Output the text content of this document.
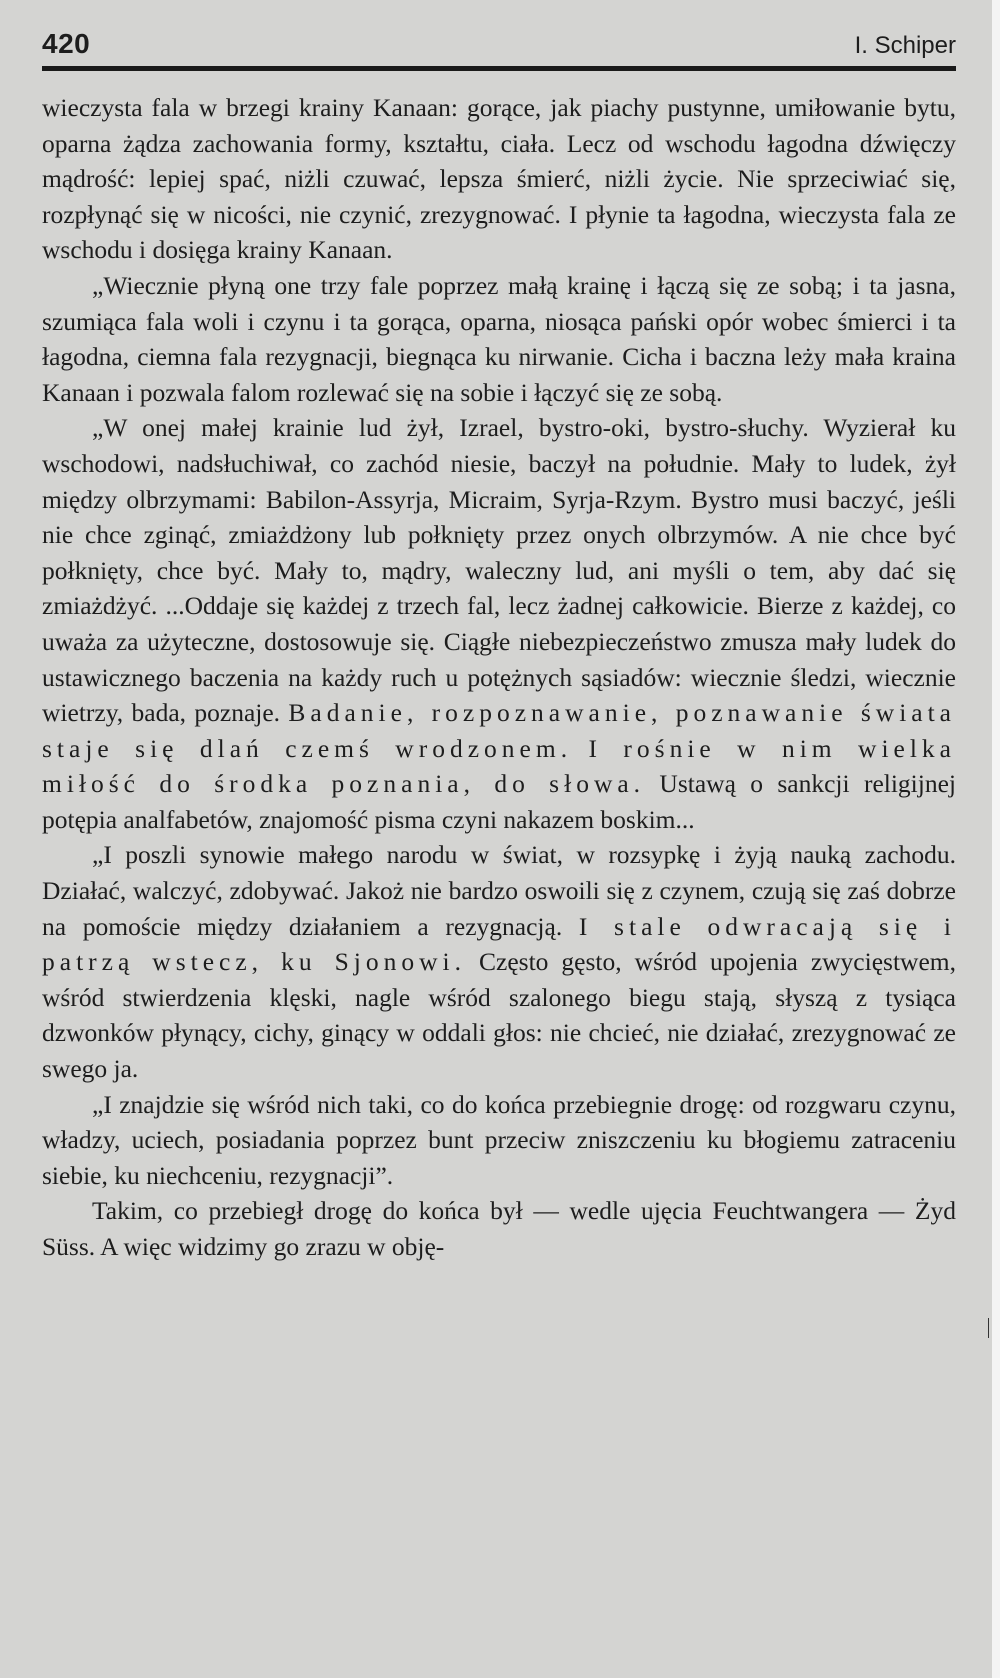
420	I. Schiper

wieczysta fala w brzegi krainy Kanaan: gorące, jak piachy pustynne, umiłowanie bytu, oparna żądza zachowania formy, kształtu, ciała. Lecz od wschodu łagodna dźwięczy mądrość: lepiej spać, niżli czuwać, lepsza śmierć, niżli życie. Nie sprzeciwiać się, rozpłynąć się w nicości, nie czynić, zrezygnować. I płynie ta łagodna, wieczysta fala ze wschodu i dosięga krainy Kanaan.

„Wiecznie płyną one trzy fale poprzez małą krainę i łączą się ze sobą; i ta jasna, szumiąca fala woli i czynu i ta gorąca, oparna, niosąca pański opór wobec śmierci i ta łagodna, ciemna fala rezygnacji, biegnąca ku nirwanie. Cicha i baczna leży mała kraina Kanaan i pozwala falom rozlewać się na sobie i łączyć się ze sobą.

„W onej małej krainie lud żył, Izrael, bystro-oki, bystro-słuchy. Wyzierał ku wschodowi, nadsłuchiwał, co zachód niesie, baczył na południe. Mały to ludek, żył między olbrzymami: Babilon-Assyrja, Micraim, Syrja-Rzym. Bystro musi baczyć, jeśli nie chce zginąć, zmiażdżony lub połknięty przez onych olbrzymów. A nie chce być połknięty, chce być. Mały to, mądry, waleczny lud, ani myśli o tem, aby dać się zmiażdżyć. ...Oddaje się każdej z trzech fal, lecz żadnej całkowicie. Bierze z każdej, co uważa za użyteczne, dostosowuje się. Ciągłe niebezpieczeństwo zmusza mały ludek do ustawicznego baczenia na każdy ruch u potężnych sąsiadów: wiecznie śledzi, wiecznie wietrzy, bada, poznaje. Badanie, rozpoznawanie, poznawanie świata staje się dlań czemś wrodzonem. I rośnie w nim wielka miłość do środka poznania, do słowa. Ustawą o sankcji religijnej potępia analfabetów, znajomość pisma czyni nakazem boskim...

„I poszli synowie małego narodu w świat, w rozsypkę i żyją nauką zachodu. Działać, walczyć, zdobywać. Jakoż nie bardzo oswoili się z czynem, czują się zaś dobrze na pomoście między działaniem a rezygnacją. I stale odwracają się i patrzą wstecz, ku Sjonowi. Często gęsto, wśród upojenia zwycięstwem, wśród stwierdzenia klęski, nagle wśród szalonego biegu stają, słyszą z tysiąca dzwonków płynący, cichy, ginący w oddali głos: nie chcieć, nie działać, zrezygnować ze swego ja.

„I znajdzie się wśród nich taki, co do końca przebiegnie drogę: od rozgwaru czynu, władzy, uciech, posiadania poprzez bunt przeciw zniszczeniu ku błogiemu zatraceniu siebie, ku niechceniu, rezygnacji”.

Takim, co przebiegł drogę do końca był — wedle ujęcia Feuchtwangera — Żyd Süss. A więc widzimy go zrazu w obję-
